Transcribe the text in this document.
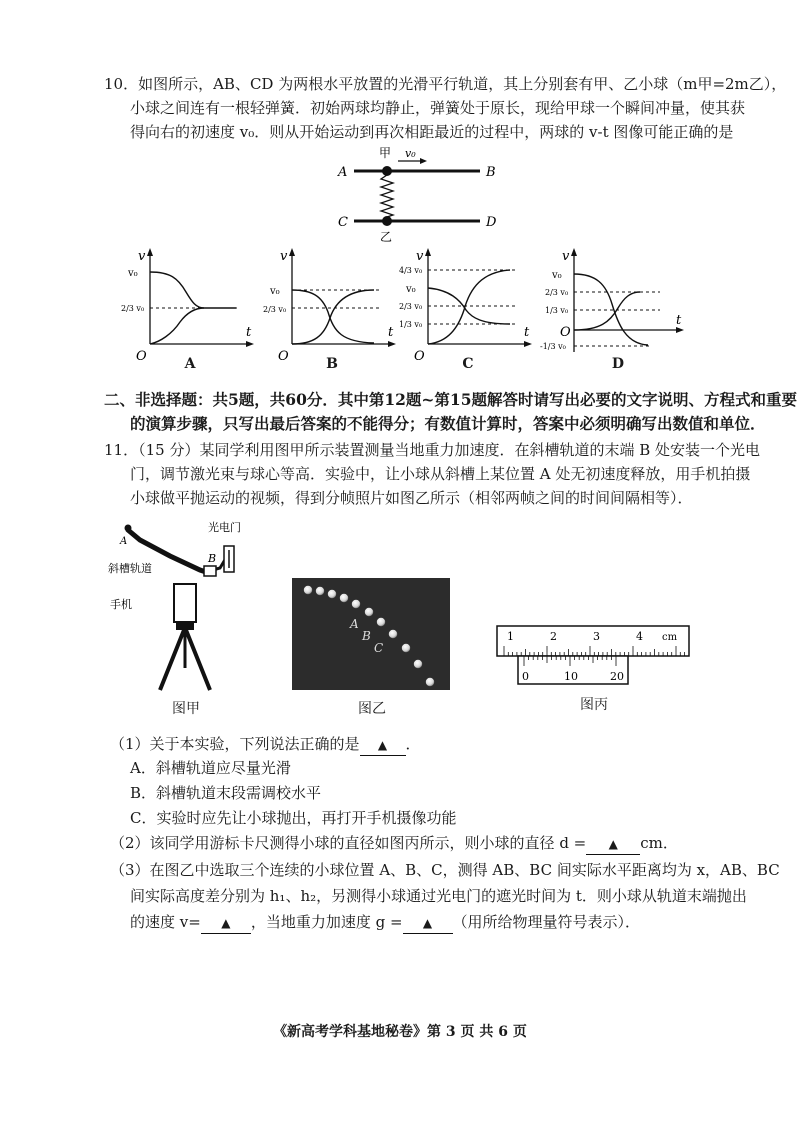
10．如图所示，AB、CD 为两根水平放置的光滑平行轨道，其上分别套有甲、乙小球（m甲=2m乙），
小球之间连有一根轻弹簧．初始两球均静止，弹簧处于原长，现给甲球一个瞬间冲量，使其获
得向右的初速度 v₀．则从开始运动到再次相距最近的过程中，两球的 v-t 图像可能正确的是
A	B
C	D
甲 v₀
乙
v
t
O
v₀
2/3 v₀
A
v
t
O
v₀
2/3 v₀
B
v
t
O
4/3 v₀
v₀
2/3 v₀
1/3 v₀
C
v
t
O
v₀
2/3 v₀
1/3 v₀
-1/3 v₀
D
二、非选择题：共5题，共60分．其中第12题~第15题解答时请写出必要的文字说明、方程式和重要
的演算步骤，只写出最后答案的不能得分；有数值计算时，答案中必须明确写出数值和单位．
11．（15 分）某同学利用图甲所示装置测量当地重力加速度．在斜槽轨道的末端 B 处安装一个光电
门，调节激光束与球心等高．实验中，让小球从斜槽上某位置 A 处无初速度释放，用手机拍摄
小球做平抛运动的视频，得到分帧照片如图乙所示（相邻两帧之间的时间间隔相等）．
光电门
A
B
斜槽轨道
手机
图甲
A
B
C
图乙
1	2	3	4 cm
0	10	20
图丙
（1）关于本实验，下列说法正确的是 ▲ ．
A．斜槽轨道应尽量光滑
B．斜槽轨道末段需调校水平
C．实验时应先让小球抛出，再打开手机摄像功能
（2）该同学用游标卡尺测得小球的直径如图丙所示，则小球的直径 d = ▲ cm．
（3）在图乙中选取三个连续的小球位置 A、B、C，测得 AB、BC 间实际水平距离均为 x，AB、BC
间实际高度差分别为 h₁、h₂，另测得小球通过光电门的遮光时间为 t．则小球从轨道末端抛出
的速度 v= ▲ ，当地重力加速度 g = ▲ （用所给物理量符号表示）．
《新高考学科基地秘卷》第 3 页 共 6 页
